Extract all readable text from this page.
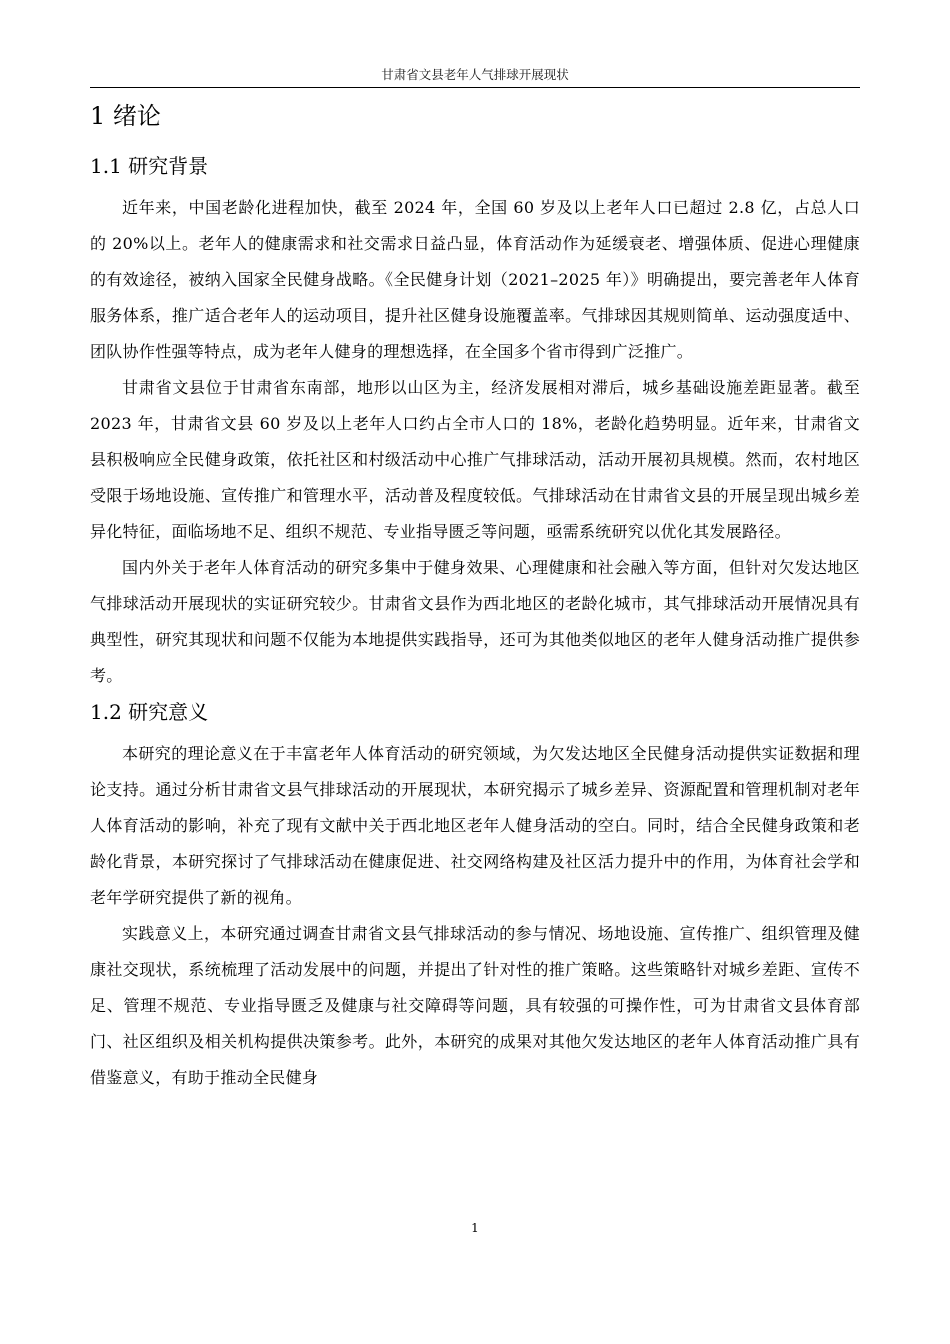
甘肃省文县老年人气排球开展现状
1 绪论
1.1 研究背景

近年来，中国老龄化进程加快，截至 2024 年，全国 60 岁及以上老年人口已超过 2.8 亿，占总人口的 20%以上。老年人的健康需求和社交需求日益凸显，体育活动作为延缓衰老、增强体质、促进心理健康的有效途径，被纳入国家全民健身战略。《全民健身计划（2021–2025 年）》明确提出，要完善老年人体育服务体系，推广适合老年人的运动项目，提升社区健身设施覆盖率。气排球因其规则简单、运动强度适中、团队协作性强等特点，成为老年人健身的理想选择，在全国多个省市得到广泛推广。

甘肃省文县位于甘肃省东南部，地形以山区为主，经济发展相对滞后，城乡基础设施差距显著。截至 2023 年，甘肃省文县 60 岁及以上老年人口约占全市人口的 18%，老龄化趋势明显。近年来，甘肃省文县积极响应全民健身政策，依托社区和村级活动中心推广气排球活动，活动开展初具规模。然而，农村地区受限于场地设施、宣传推广和管理水平，活动普及程度较低。气排球活动在甘肃省文县的开展呈现出城乡差异化特征，面临场地不足、组织不规范、专业指导匮乏等问题，亟需系统研究以优化其发展路径。

国内外关于老年人体育活动的研究多集中于健身效果、心理健康和社会融入等方面，但针对欠发达地区气排球活动开展现状的实证研究较少。甘肃省文县作为西北地区的老龄化城市，其气排球活动开展情况具有典型性，研究其现状和问题不仅能为本地提供实践指导，还可为其他类似地区的老年人健身活动推广提供参考。

1.2 研究意义

本研究的理论意义在于丰富老年人体育活动的研究领域，为欠发达地区全民健身活动提供实证数据和理论支持。通过分析甘肃省文县气排球活动的开展现状，本研究揭示了城乡差异、资源配置和管理机制对老年人体育活动的影响，补充了现有文献中关于西北地区老年人健身活动的空白。同时，结合全民健身政策和老龄化背景，本研究探讨了气排球活动在健康促进、社交网络构建及社区活力提升中的作用，为体育社会学和老年学研究提供了新的视角。

实践意义上，本研究通过调查甘肃省文县气排球活动的参与情况、场地设施、宣传推广、组织管理及健康社交现状，系统梳理了活动发展中的问题，并提出了针对性的推广策略。这些策略针对城乡差距、宣传不足、管理不规范、专业指导匮乏及健康与社交障碍等问题，具有较强的可操作性，可为甘肃省文县体育部门、社区组织及相关机构提供决策参考。此外，本研究的成果对其他欠发达地区的老年人体育活动推广具有借鉴意义，有助于推动全民健身

1
